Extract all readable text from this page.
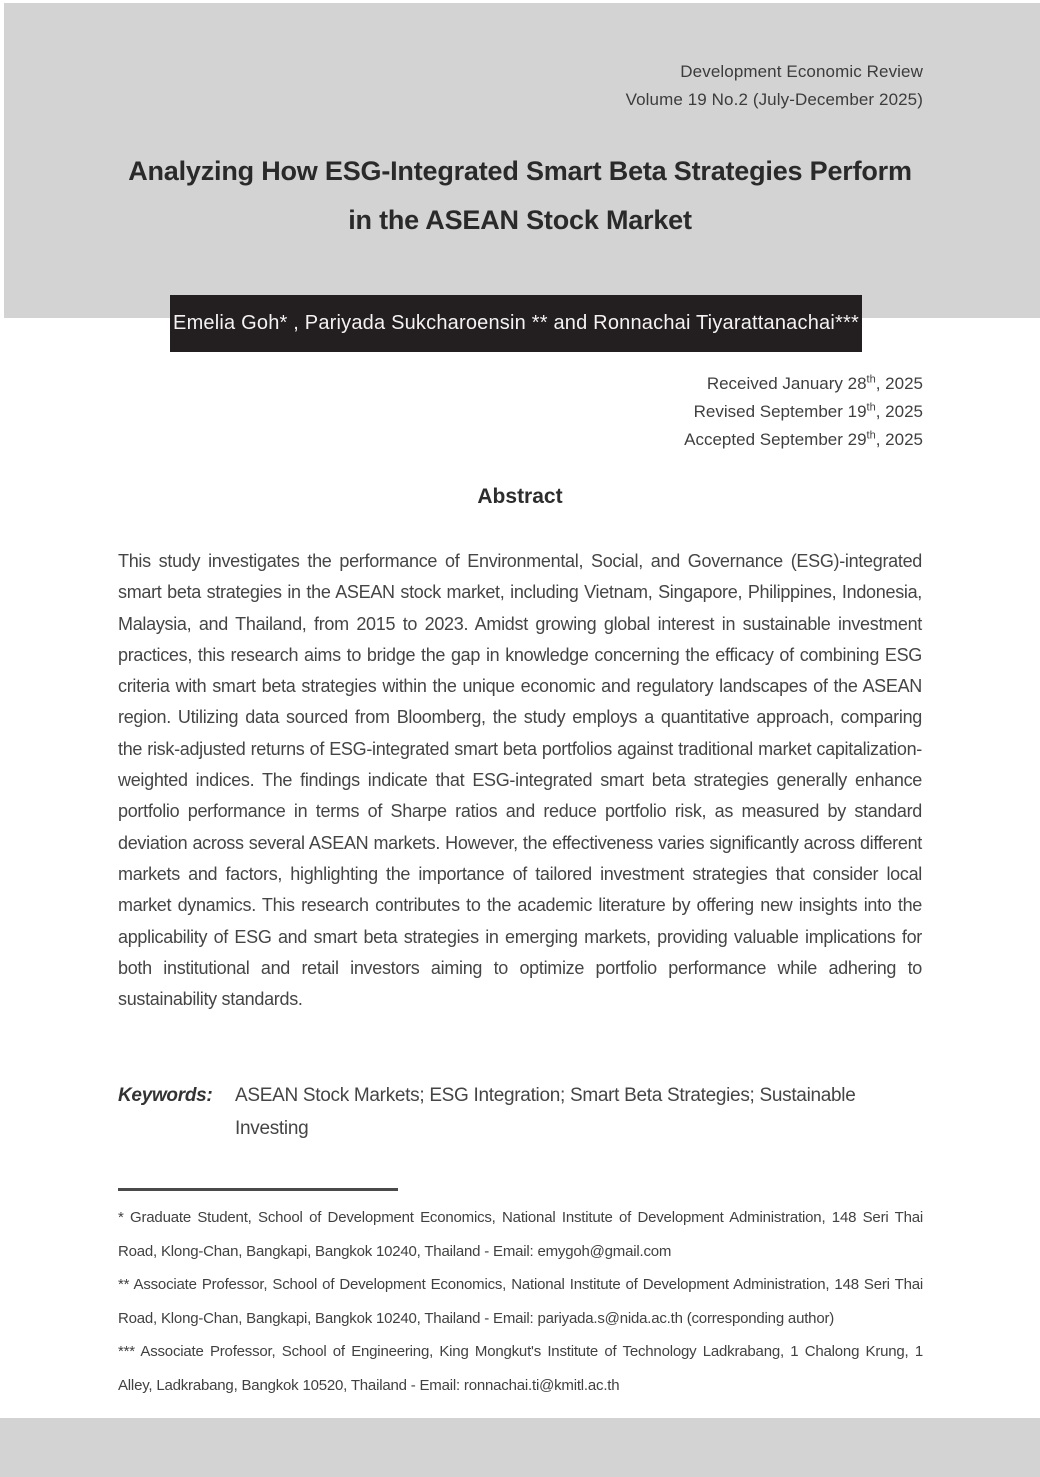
Development Economic Review
Volume 19 No.2 (July-December 2025)
Analyzing How ESG-Integrated Smart Beta Strategies Perform
in the ASEAN Stock Market
Emelia Goh* , Pariyada Sukcharoensin ** and Ronnachai Tiyarattanachai***
Received January 28th, 2025
Revised September 19th, 2025
Accepted September 29th, 2025
Abstract
This study investigates the performance of Environmental, Social, and Governance (ESG)-integrated smart beta strategies in the ASEAN stock market, including Vietnam, Singapore, Philippines, Indonesia, Malaysia, and Thailand, from 2015 to 2023. Amidst growing global interest in sustainable investment practices, this research aims to bridge the gap in knowledge concerning the efficacy of combining ESG criteria with smart beta strategies within the unique economic and regulatory landscapes of the ASEAN region. Utilizing data sourced from Bloomberg, the study employs a quantitative approach, comparing the risk-adjusted returns of ESG-integrated smart beta portfolios against traditional market capitalization-weighted indices. The findings indicate that ESG-integrated smart beta strategies generally enhance portfolio performance in terms of Sharpe ratios and reduce portfolio risk, as measured by standard deviation across several ASEAN markets. However, the effectiveness varies significantly across different markets and factors, highlighting the importance of tailored investment strategies that consider local market dynamics. This research contributes to the academic literature by offering new insights into the applicability of ESG and smart beta strategies in emerging markets, providing valuable implications for both institutional and retail investors aiming to optimize portfolio performance while adhering to sustainability standards.
Keywords:	ASEAN Stock Markets; ESG Integration; Smart Beta Strategies; Sustainable Investing

* Graduate Student, School of Development Economics, National Institute of Development Administration, 148 Seri Thai Road, Klong-Chan, Bangkapi, Bangkok 10240, Thailand - Email: emygoh@gmail.com

** Associate Professor, School of Development Economics, National Institute of Development Administration, 148 Seri Thai Road, Klong-Chan, Bangkapi, Bangkok 10240, Thailand - Email: pariyada.s@nida.ac.th (corresponding author)

*** Associate Professor, School of Engineering, King Mongkut's Institute of Technology Ladkrabang, 1 Chalong Krung, 1 Alley, Ladkrabang, Bangkok 10520, Thailand - Email: ronnachai.ti@kmitl.ac.th
